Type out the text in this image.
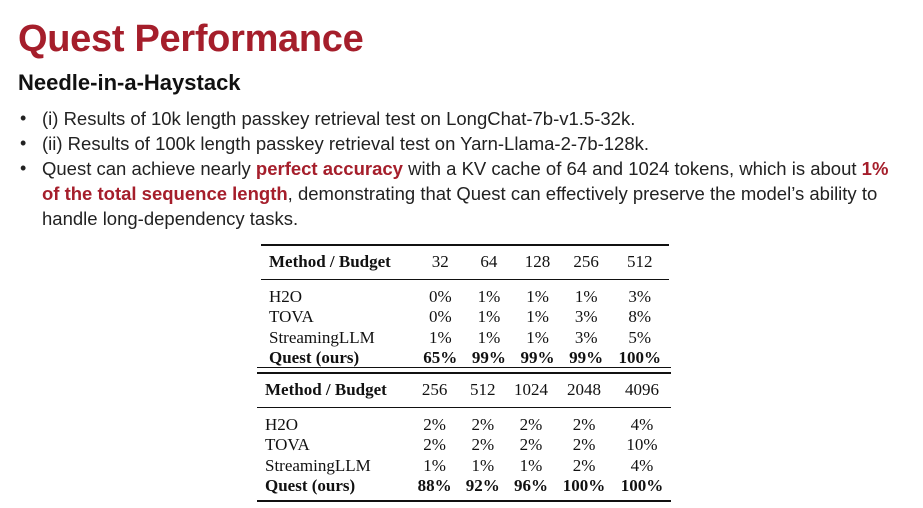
Quest Performance
Needle-in-a-Haystack
• (i) Results of 10k length passkey retrieval test on LongChat-7b-v1.5-32k.
• (ii) Results of 100k length passkey retrieval test on Yarn-Llama-2-7b-128k.
• Quest can achieve nearly perfect accuracy with a KV cache of 64 and 1024 tokens, which is about 1% of the total sequence length, demonstrating that Quest can effectively preserve the model’s ability to handle long-dependency tasks.
Method / Budget	32	64	128	256	512
H2O	0%	1%	1%	1%	3%
TOVA	0%	1%	1%	3%	8%
StreamingLLM	1%	1%	1%	3%	5%
Quest (ours)	65%	99%	99%	99%	100%
Method / Budget	256	512	1024	2048	4096
H2O	2%	2%	2%	2%	4%
TOVA	2%	2%	2%	2%	10%
StreamingLLM	1%	1%	1%	2%	4%
Quest (ours)	88%	92%	96%	100%	100%
